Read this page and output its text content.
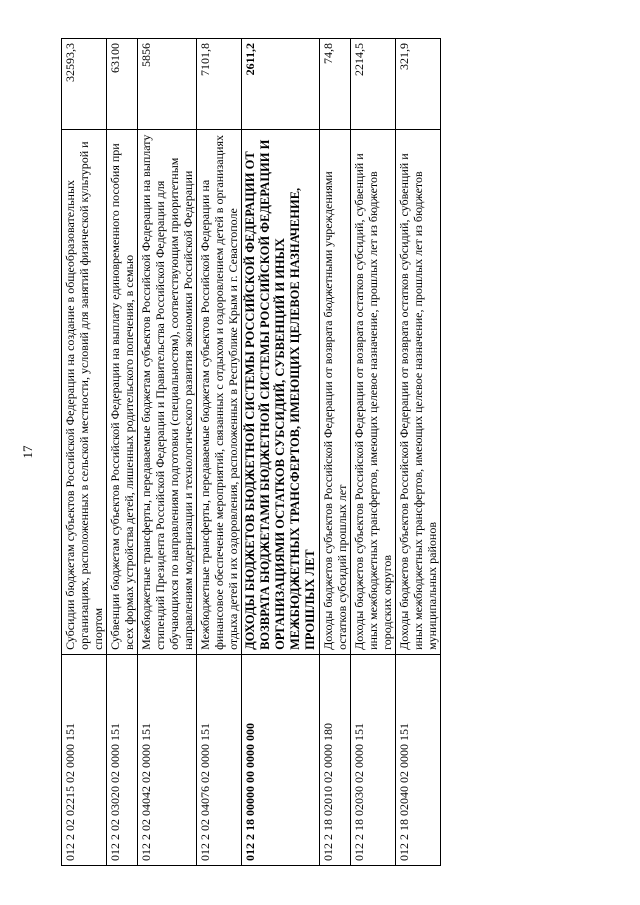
17
012 2 02 02215 02 0000 151	Субсидии бюджетам субъектов Российской Федерации на создание в общеобразовательных организациях, расположенных в сельской местности, условий для занятий физической культурой и спортом	32593,3
012 2 02 03020 02 0000 151	Субвенции бюджетам субъектов Российской Федерации на выплату единовременного пособия при всех формах устройства детей, лишенных родительского попечения, в семью	63100
012 2 02 04042 02 0000 151	Межбюджетные трансферты, передаваемые бюджетам субъектов Российской Федерации на выплату стипендий Президента Российской Федерации и Правительства Российской Федерации для обучающихся по направлениям подготовки (специальностям), соответствующим приоритетным направлениям модернизации и технологического развития экономики Российской Федерации	5856
012 2 02 04076 02 0000 151	Межбюджетные трансферты, передаваемые бюджетам субъектов Российской Федерации на финансовое обеспечение мероприятий, связанных с отдыхом и оздоровлением детей в организациях отдыха детей и их оздоровления, расположенных в Республике Крым и г. Севастополе	7101,8
012 2 18 00000 00 0000 000	ДОХОДЫ БЮДЖЕТОВ БЮДЖЕТНОЙ СИСТЕМЫ РОССИЙСКОЙ ФЕДЕРАЦИИ ОТ ВОЗВРАТА БЮДЖЕТАМИ БЮДЖЕТНОЙ СИСТЕМЫ РОССИЙСКОЙ ФЕДЕРАЦИИ И ОРГАНИЗАЦИЯМИ ОСТАТКОВ СУБСИДИЙ, СУБВЕНЦИЙ И ИНЫХ МЕЖБЮДЖЕТНЫХ ТРАНСФЕРТОВ, ИМЕЮЩИХ ЦЕЛЕВОЕ НАЗНАЧЕНИЕ, ПРОШЛЫХ ЛЕТ	2611,2
012 2 18 02010 02 0000 180	Доходы бюджетов субъектов Российской Федерации от возврата бюджетными учреждениями остатков субсидий прошлых лет	74,8
012 2 18 02030 02 0000 151	Доходы бюджетов субъектов Российской Федерации от возврата остатков субсидий, субвенций и иных межбюджетных трансфертов, имеющих целевое назначение, прошлых лет из бюджетов городских округов	2214,5
012 2 18 02040 02 0000 151	Доходы бюджетов субъектов Российской Федерации от возврата остатков субсидий, субвенций и иных межбюджетных трансфертов, имеющих целевое назначение, прошлых лет из бюджетов муниципальных районов	321,9
